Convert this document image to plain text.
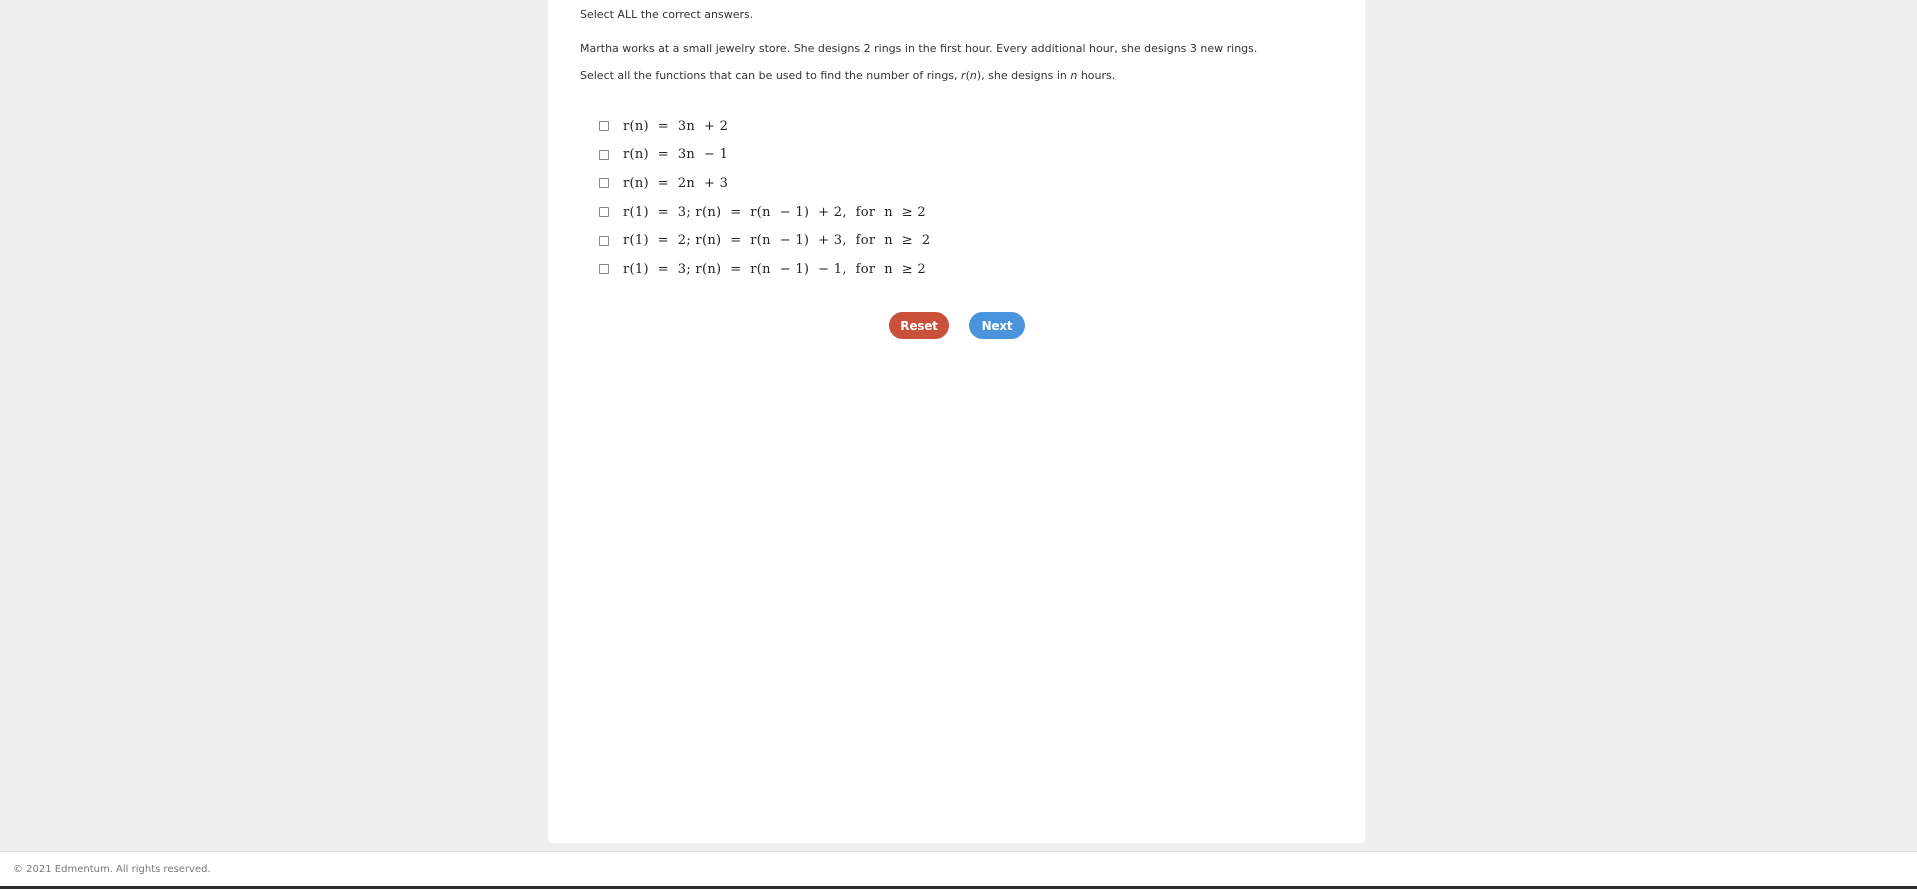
Select ALL the correct answers.
Martha works at a small jewelry store. She designs 2 rings in the first hour. Every additional hour, she designs 3 new rings.
Select all the functions that can be used to find the number of rings, r(n), she designs in n hours.
r(n)  =  3n  + 2
r(n)  =  3n  − 1
r(n)  =  2n  + 3
r(1)  =  3; r(n)  =  r(n  − 1)  + 2,  for  n  ≥ 2
r(1)  =  2; r(n)  =  r(n  − 1)  + 3,  for  n  ≥  2
r(1)  =  3; r(n)  =  r(n  − 1)  − 1,  for  n  ≥ 2
Reset	Next
© 2021 Edmentum. All rights reserved.
